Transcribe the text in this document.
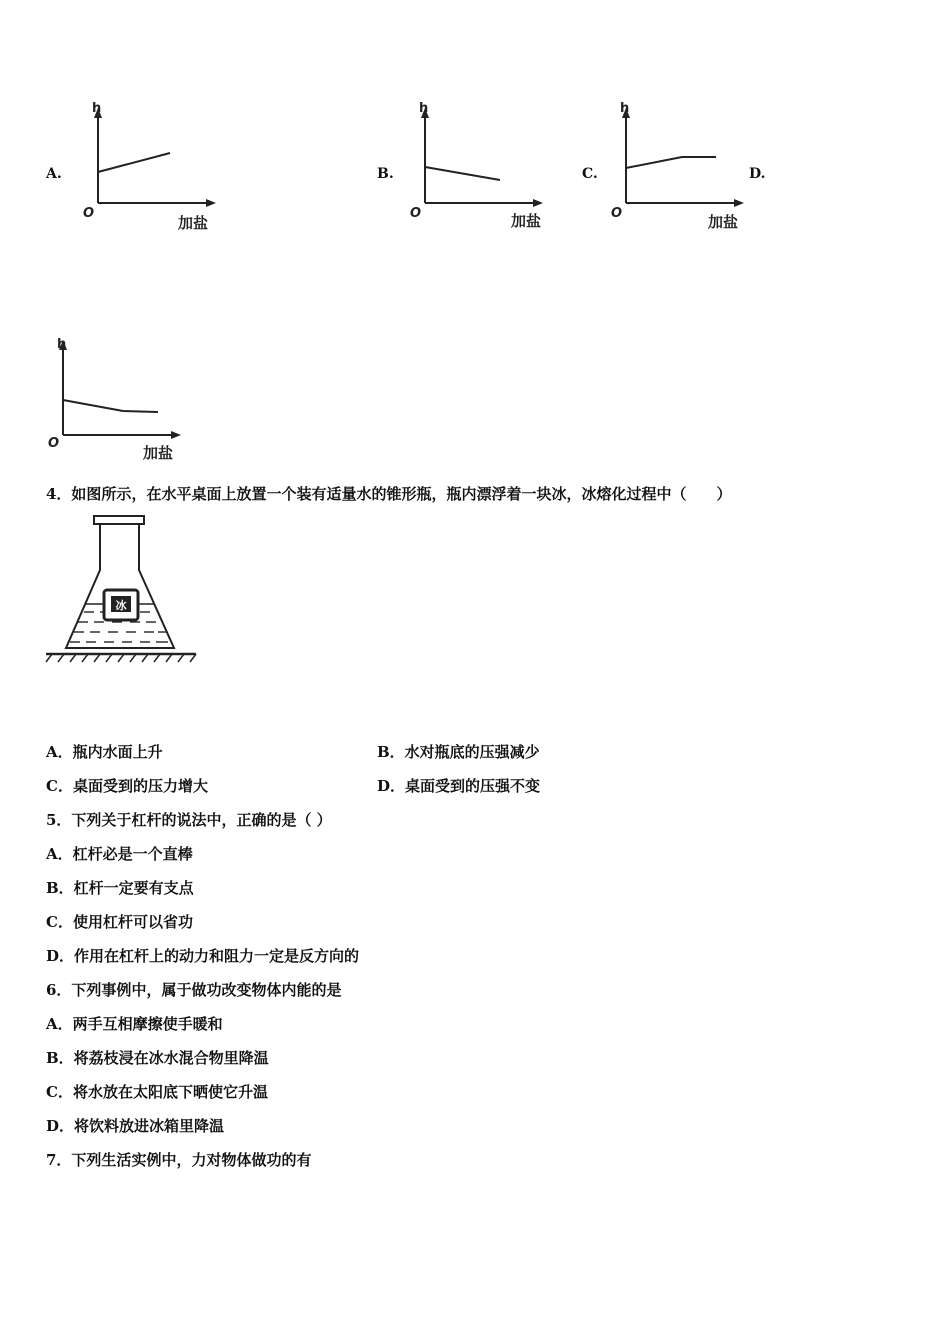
A.	B.	C.	D.
h
O
加盐
h
O	加盐
h
O	加盐
h
O
加盐
4．如图所示，在水平桌面上放置一个装有适量水的锥形瓶，瓶内漂浮着一块冰，冰熔化过程中（　　）
冰
A．瓶内水面上升	B．水对瓶底的压强减少
C．桌面受到的压力增大	D．桌面受到的压强不变
5．下列关于杠杆的说法中，正确的是（ ）
A．杠杆必是一个直棒
B．杠杆一定要有支点
C．使用杠杆可以省功
D．作用在杠杆上的动力和阻力一定是反方向的
6．下列事例中，属于做功改变物体内能的是
A．两手互相摩擦使手暖和
B．将荔枝浸在冰水混合物里降温
C．将水放在太阳底下晒使它升温
D．将饮料放进冰箱里降温
7．下列生活实例中，力对物体做功的有
